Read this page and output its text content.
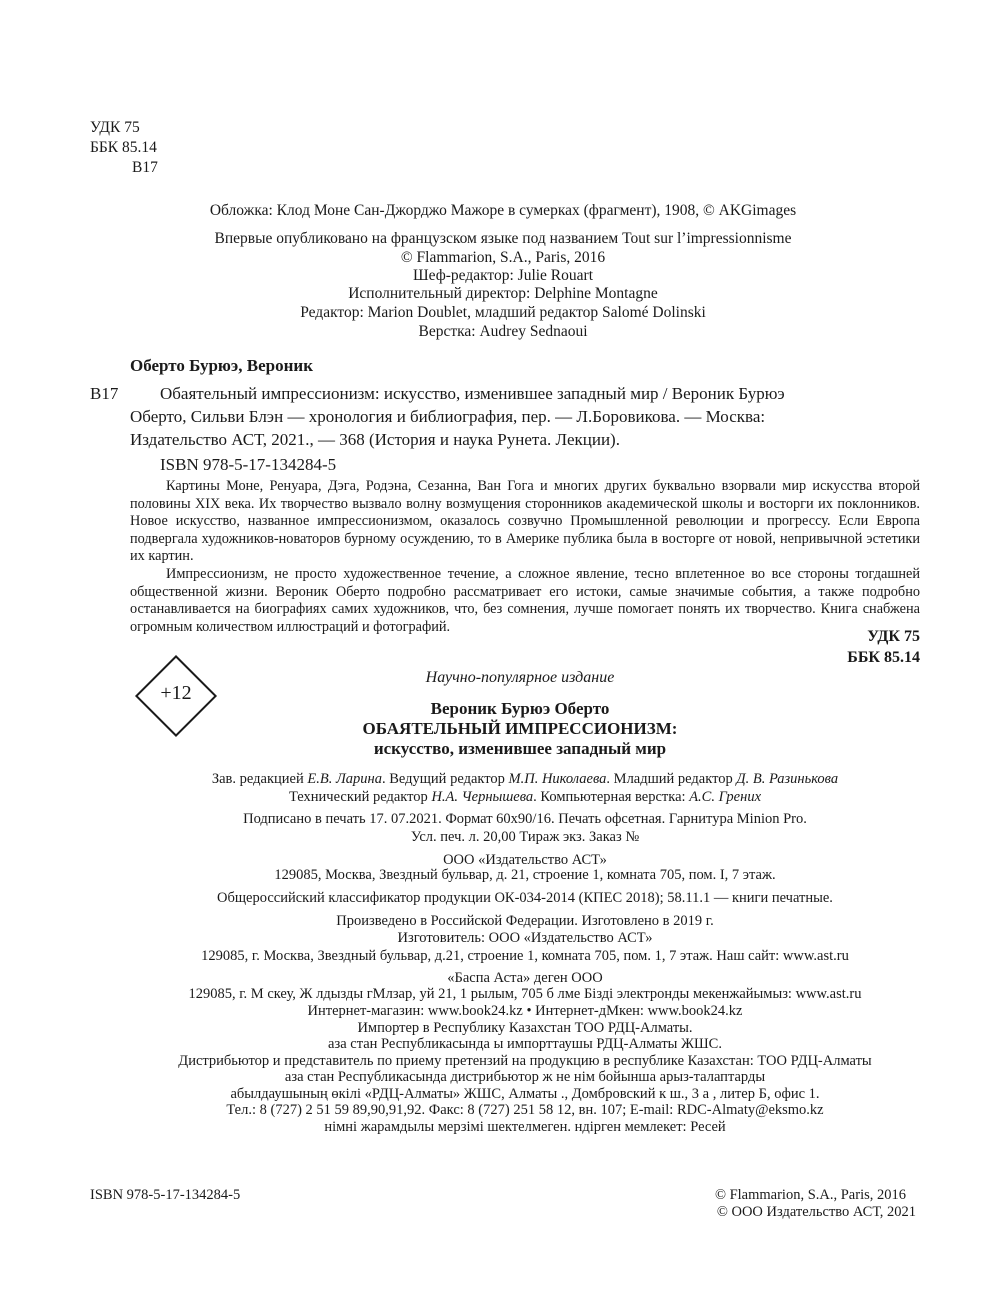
УДК 75
ББК 85.14
В17
Обложка: Клод Моне Сан-Джорджо Мажоре в сумерках (фрагмент), 1908, © AKGimages
Впервые опубликовано на французском языке под названием Tout sur l’impressionnisme
© Flammarion, S.A., Paris, 2016
Шеф-редактор: Julie Rouart
Исполнительный директор: Delphine Montagne
Редактор: Marion Doublet, младший редактор Salomé Dolinski
Верстка: Audrey Sednaoui
Оберто Бурюэ, Вероник
В17 Обаятельный импрессионизм: искусство, изменившее западный мир / Вероник Бурюэ
Оберто, Сильви Блэн — хронология и библиография, пер. — Л.Боровикова. — Москва:
Издательство АСТ, 2021., — 368 (История и наука Рунета. Лекции).
ISBN 978-5-17-134284-5

Картины Моне, Ренуара, Дэга, Родэна, Сезанна, Ван Гога и многих других буквально взорвали мир искусства второй половины XIX века. Их творчество вызвало волну возмущения сторонников академической школы и восторги их поклонников. Новое искусство, названное импрессионизмом, оказалось созвучно Промышленной революции и прогрессу. Если Европа подвергала художников-новаторов бурному осуждению, то в Америке публика была в восторге от новой, непривычной эстетики их картин.

Импрессионизм, не просто художественное течение, а сложное явление, тесно вплетенное во все стороны тогдашней общественной жизни. Вероник Оберто подробно рассматривает его истоки, самые значимые события, а также подробно останавливается на биографиях самих художников, что, без сомнения, лучше помогает понять их творчество. Книга снабжена огромным количеством иллюстраций и фотографий.

УДК 75
ББК 85.14
+12
Научно-популярное издание
Вероник Бурюэ Оберто
ОБАЯТЕЛЬНЫЙ ИМПРЕССИОНИЗМ:
искусство, изменившее западный мир
Зав. редакцией Е.В. Ларина. Ведущий редактор М.П. Николаева. Младший редактор Д. В. Разинькова
Технический редактор Н.А. Чернышева. Компьютерная верстка: А.С. Грених
Подписано в печать 17. 07.2021. Формат 60х90/16. Печать офсетная. Гарнитура Minion Pro.
Усл. печ. л. 20,00 Тираж экз. Заказ №
ООО «Издательство АСТ»
129085, Москва, Звездный бульвар, д. 21, строение 1, комната 705, пом. I, 7 этаж.
Общероссийский классификатор продукции ОК-034-2014 (КПЕС 2018); 58.11.1 — книги печатные.
Произведено в Российской Федерации. Изготовлено в 2019 г.
Изготовитель: ООО «Издательство АСТ»
129085, г. Москва, Звездный бульвар, д.21, строение 1, комната 705, пом. 1, 7 этаж. Наш сайт: www.ast.ru
«Баспа Аста» деген ООО
129085, г. М скеу, Ж лдызды гМлзар, уй 21, 1 рылым, 705 б лме Бізді электронды мекенжайымыз: www.ast.ru
Интернет-магазин: www.book24.kz • Интернет-дМкен: www.book24.kz
Импортер в Республику Казахстан ТОО РДЦ-Алматы.
аза стан Республикасында ы импорттаушы РДЦ-Алматы ЖШС.
Дистрибьютор и представитель по приему претензий на продукцию в республике Казахстан: ТОО РДЦ-Алматы
аза стан Республикасында дистрибьютор ж не нім бойынша арыз-талаптарды
абылдаушының өкілі «РДЦ-Алматы» ЖШС, Алматы ., Домбровский к ш., 3 а , литер Б, офис 1.
Тел.: 8 (727) 2 51 59 89,90,91,92. Факс: 8 (727) 251 58 12, вн. 107; E-mail: RDC-Almaty@eksmo.kz
німні жарамдылы мерзімі шектелмеген. ндірген мемлекет: Ресей
ISBN 978-5-17-134284-5	© Flammarion, S.A., Paris, 2016
© ООО Издательство АСТ, 2021
